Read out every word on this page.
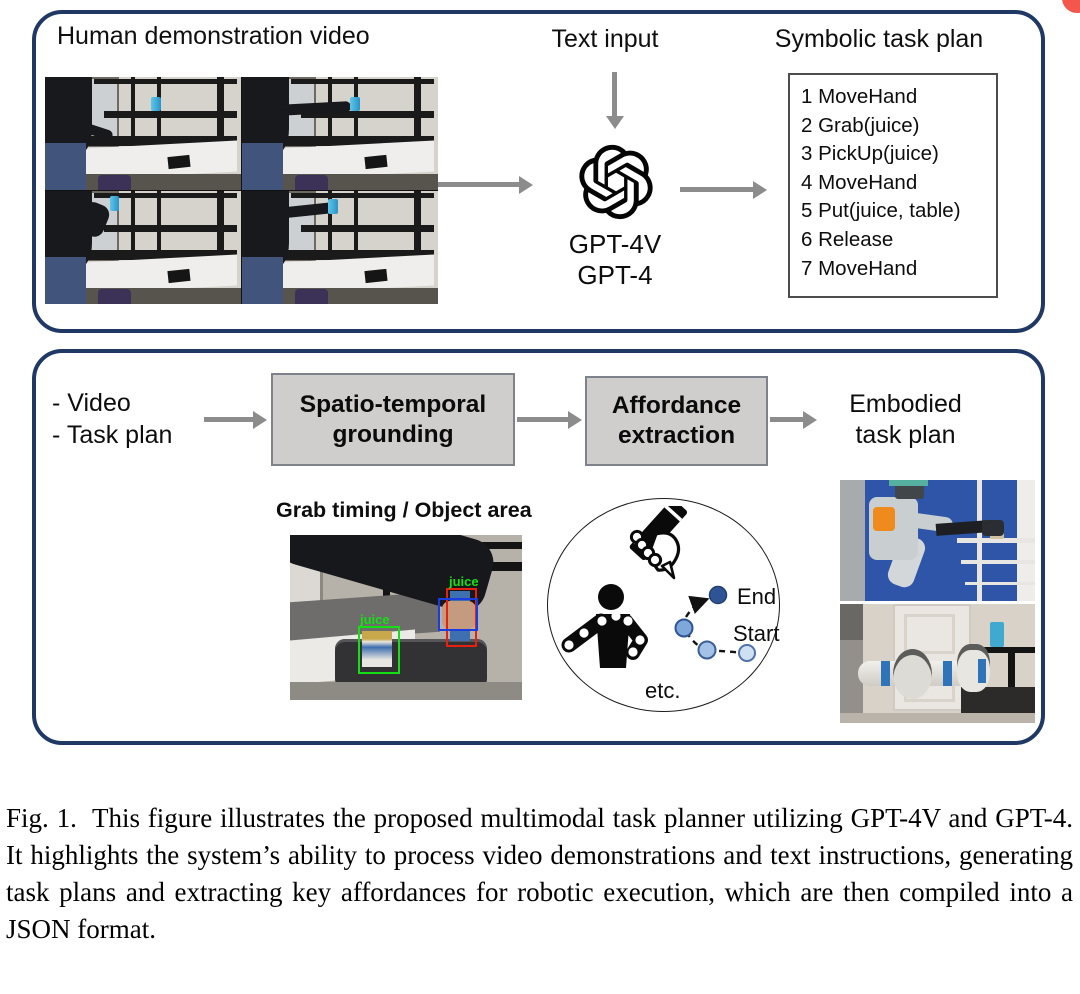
Human demonstration video	Text input
GPT-4V
GPT-4
Symbolic task plan
1 MoveHand
2 Grab(juice)
3 PickUp(juice)
4 MoveHand
5 Put(juice, table)
6 Release
7 MoveHand
- Video
- Task plan
Spatio-temporal
grounding
Affordance
extraction
Embodied
task plan
Grab timing / Object area
juice
juice
End
Start
etc.
Fig. 1.  This figure illustrates the proposed multimodal task planner utilizing GPT-4V and GPT-4. It highlights the system’s ability to process video demonstrations and text instructions, generating task plans and extracting key affordances for robotic execution, which are then compiled into a JSON format.
